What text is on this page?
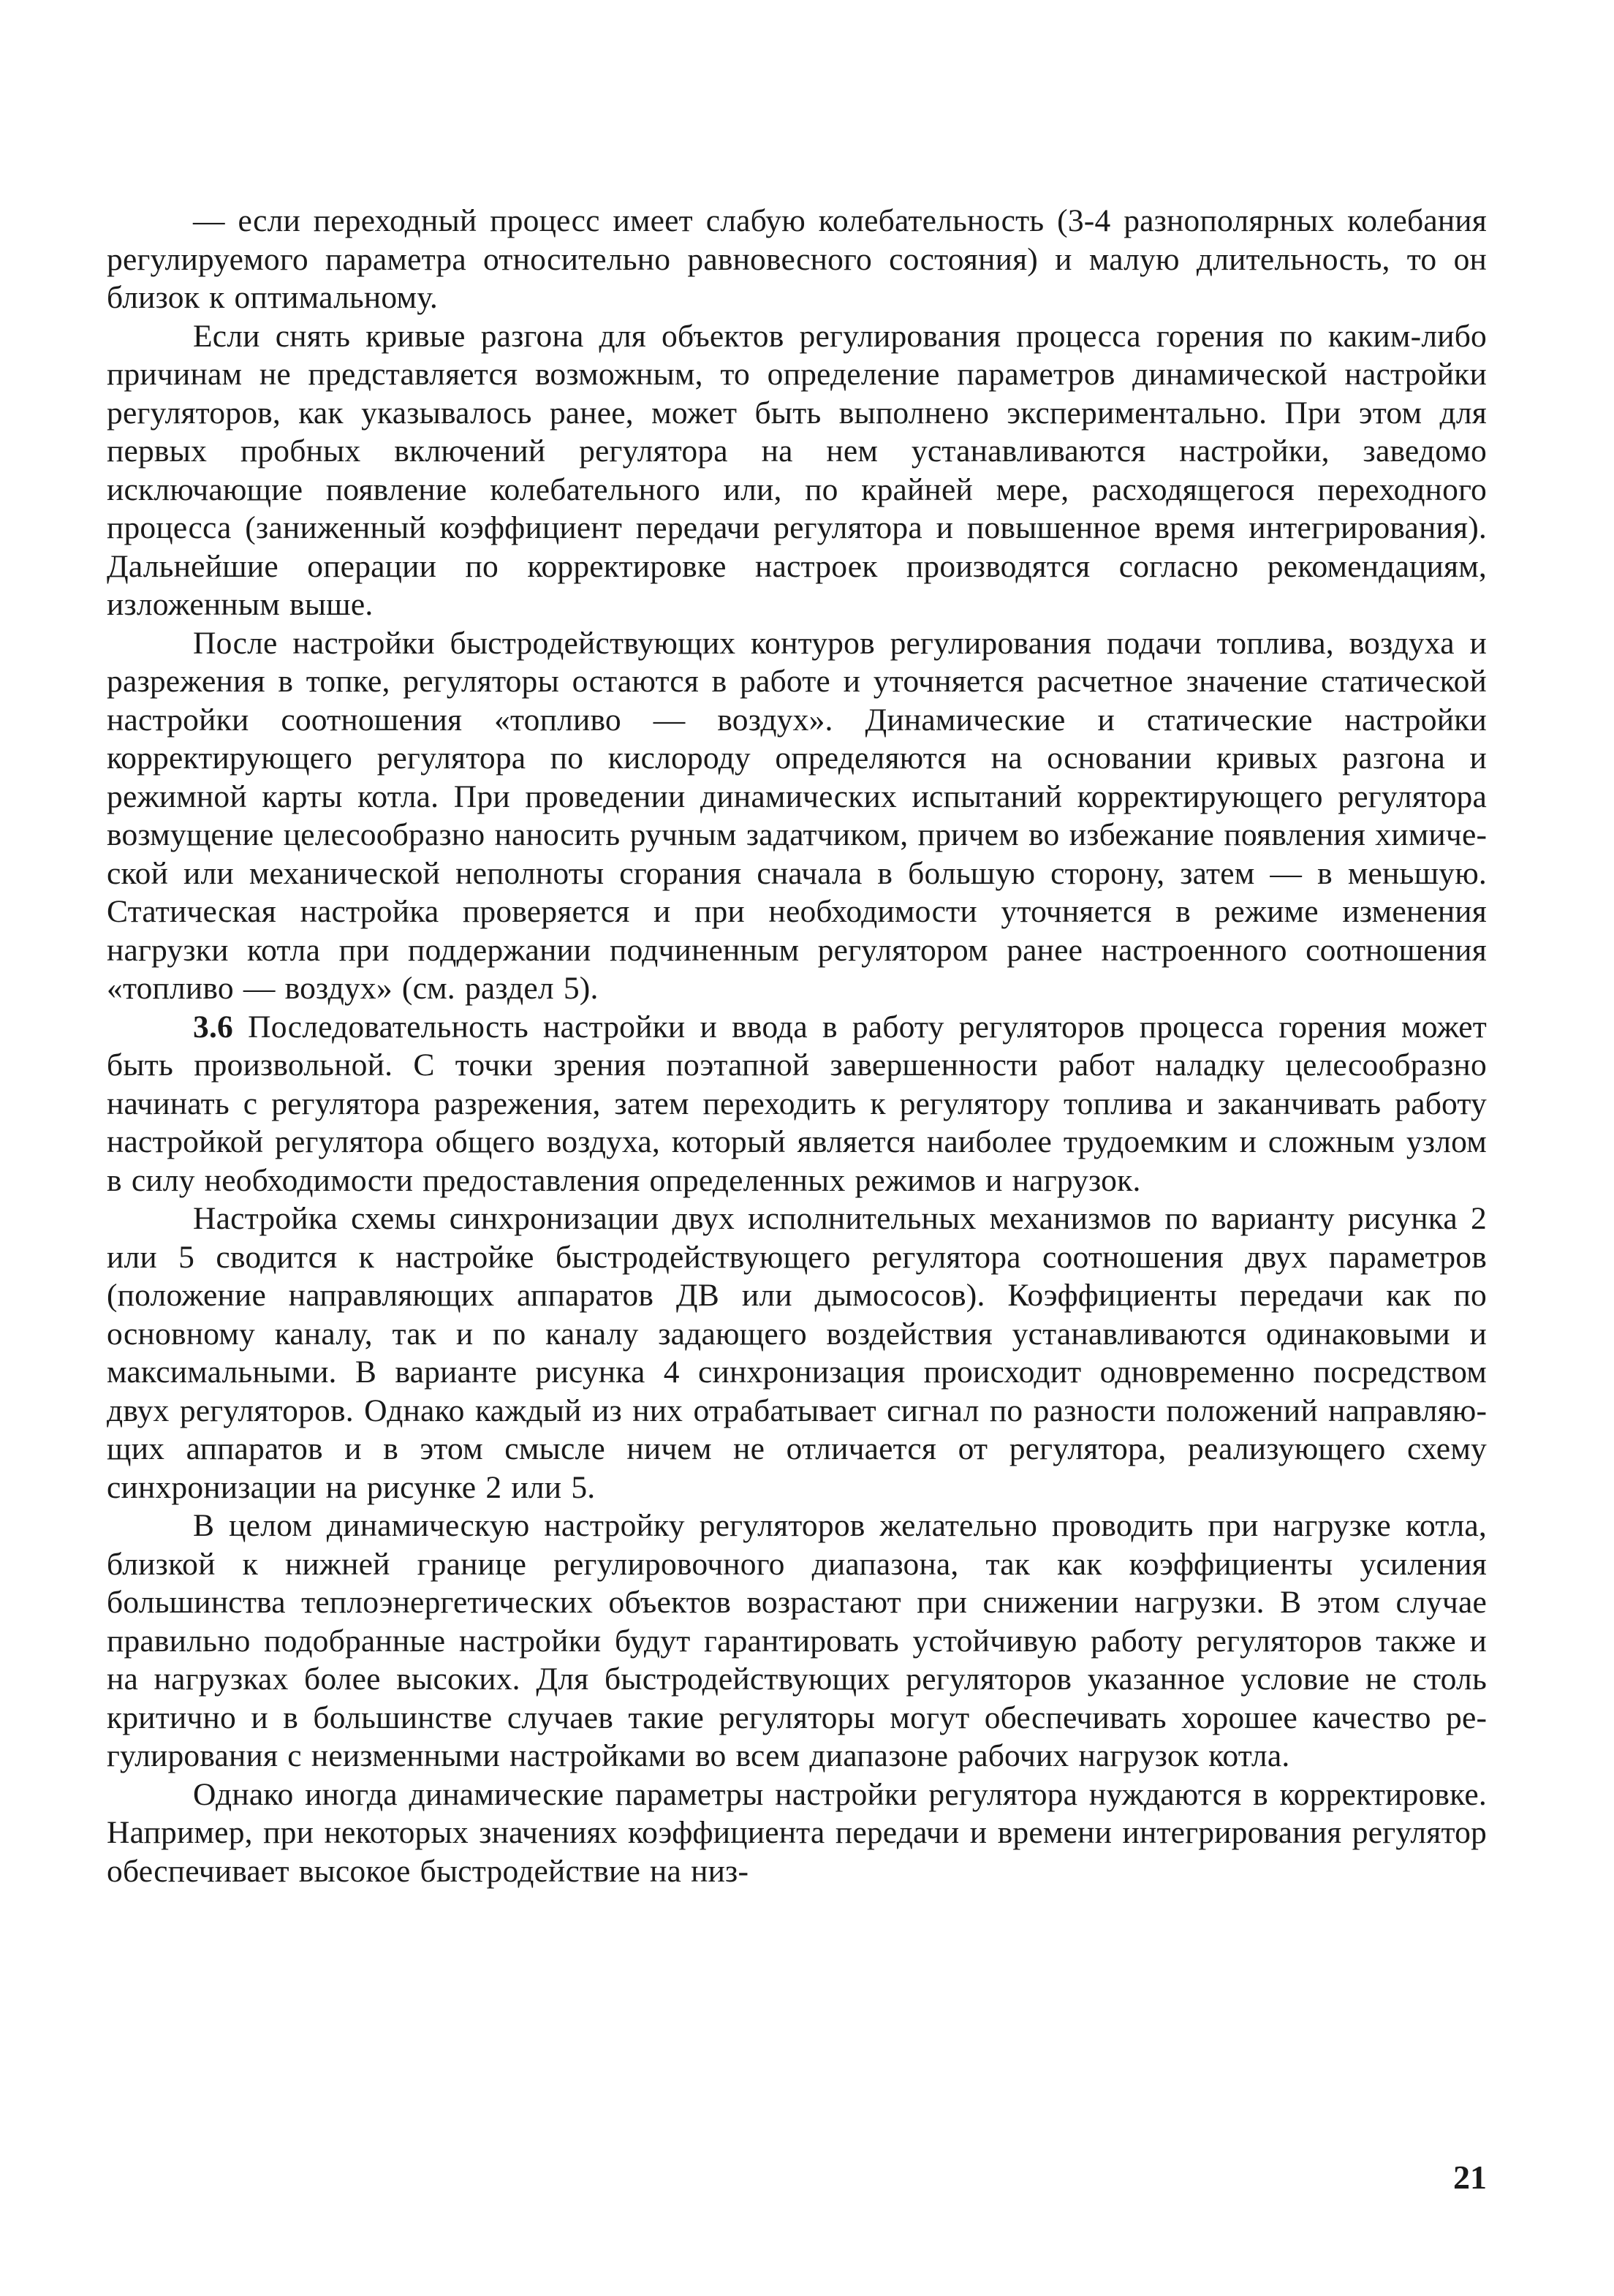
— если переходный процесс имеет слабую колебательность (3-4 разнополярных колебания регулируемого параметра относительно равновесного состояния) и малую длительность, то он близок к оптимальному.

Если снять кривые разгона для объектов регулирования процесса горения по каким-либо причинам не представляется возможным, то определение параметров динамической настройки регуляторов, как указывалось ранее, может быть выполнено экспериментально. При этом для первых пробных включений регулятора на нем устанавливаются настройки, заведомо исключающие появление колебательного или, по крайней мере, расходящегося переходного процесса (заниженный коэффициент передачи регулятора и повышенное время интегрирования). Дальнейшие операции по корректировке настроек производятся согласно рекомендациям, изложенным выше.

После настройки быстродействующих контуров регулирования подачи топлива, воздуха и разрежения в топке, регуляторы остаются в работе и уточняется расчетное значение статической настройки соотношения «топливо — воздух». Динамические и статические настройки корректирующего регулятора по кислороду определяются на основании кривых разгона и режимной карты котла. При проведении динамических испытаний корректирующего регулятора возмущение целесообразно наносить ручным задатчиком, причем во избежание появления химической или механической неполноты сгорания сначала в большую сторону, затем — в меньшую. Статическая настройка проверяется и при необходимости уточняется в режиме изменения нагрузки котла при поддержании подчиненным регулятором ранее настроенного соотношения «топливо — воздух» (см. раздел 5).

3.6 Последовательность настройки и ввода в работу регуляторов процесса горения может быть произвольной. С точки зрения поэтапной завершенности работ наладку целесообразно начинать с регулятора разрежения, затем переходить к регулятору топлива и заканчивать работу настройкой регулятора общего воздуха, который является наиболее трудоемким и сложным узлом в силу необходимости предоставления определенных режимов и нагрузок.

Настройка схемы синхронизации двух исполнительных механизмов по варианту рисунка 2 или 5 сводится к настройке быстродействующего регулятора соотношения двух параметров (положение направляющих аппаратов ДВ или дымососов). Коэффициенты передачи как по основному каналу, так и по каналу задающего воздействия устанавливаются одинаковыми и максимальными. В варианте рисунка 4 синхронизация происходит одновременно посредством двух регуляторов. Однако каждый из них отрабатывает сигнал по разности положений направляющих аппаратов и в этом смысле ничем не отличается от регулятора, реализующего схему синхронизации на рисунке 2 или 5.

В целом динамическую настройку регуляторов желательно проводить при нагрузке котла, близкой к нижней границе регулировочного диапазона, так как коэффициенты усиления большинства теплоэнергетических объектов возрастают при снижении нагрузки. В этом случае правильно подобранные настройки будут гарантировать устойчивую работу регуляторов также и на нагрузках более высоких. Для быстродействующих регуляторов указанное условие не столь критично и в большинстве случаев такие регуляторы могут обеспечивать хорошее качество регулирования с неизменными настройками во всем диапазоне рабочих нагрузок котла.

Однако иногда динамические параметры настройки регулятора нуждаются в корректировке. Например, при некоторых значениях коэффициента передачи и времени интегрирования регулятор обеспечивает высокое быстродействие на низ-

21
